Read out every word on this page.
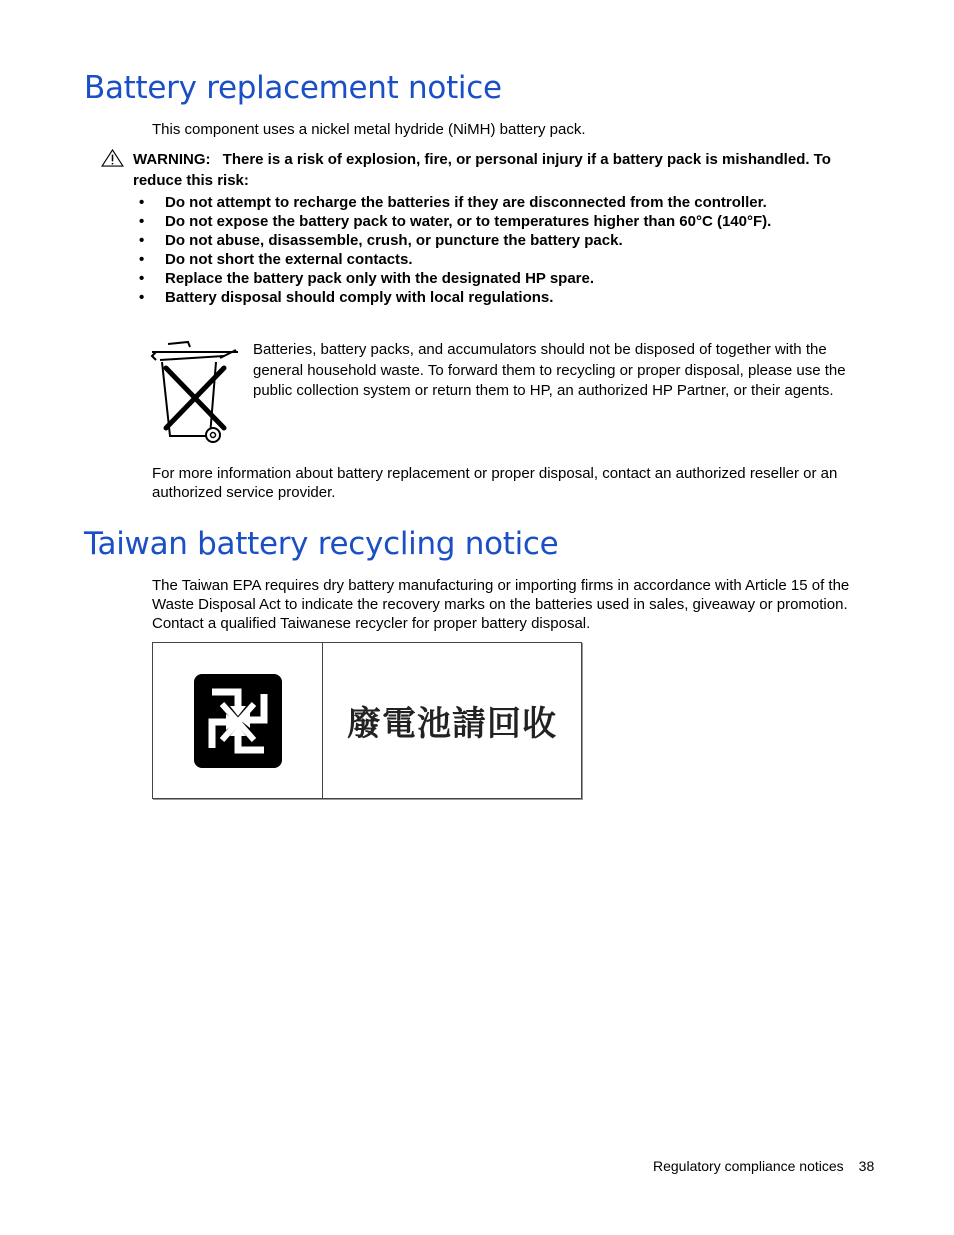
Battery replacement notice

This component uses a nickel metal hydride (NiMH) battery pack.

WARNING: There is a risk of explosion, fire, or personal injury if a battery pack is mishandled. To reduce this risk:
• Do not attempt to recharge the batteries if they are disconnected from the controller.
• Do not expose the battery pack to water, or to temperatures higher than 60°C (140°F).
• Do not abuse, disassemble, crush, or puncture the battery pack.
• Do not short the external contacts.
• Replace the battery pack only with the designated HP spare.
• Battery disposal should comply with local regulations.
Batteries, battery packs, and accumulators should not be disposed of together with the general household waste. To forward them to recycling or proper disposal, please use the public collection system or return them to HP, an authorized HP Partner, or their agents.

For more information about battery replacement or proper disposal, contact an authorized reseller or an authorized service provider.

Taiwan battery recycling notice

The Taiwan EPA requires dry battery manufacturing or importing firms in accordance with Article 15 of the Waste Disposal Act to indicate the recovery marks on the batteries used in sales, giveaway or promotion. Contact a qualified Taiwanese recycler for proper battery disposal.

廢電池請回收
Regulatory compliance notices 38
